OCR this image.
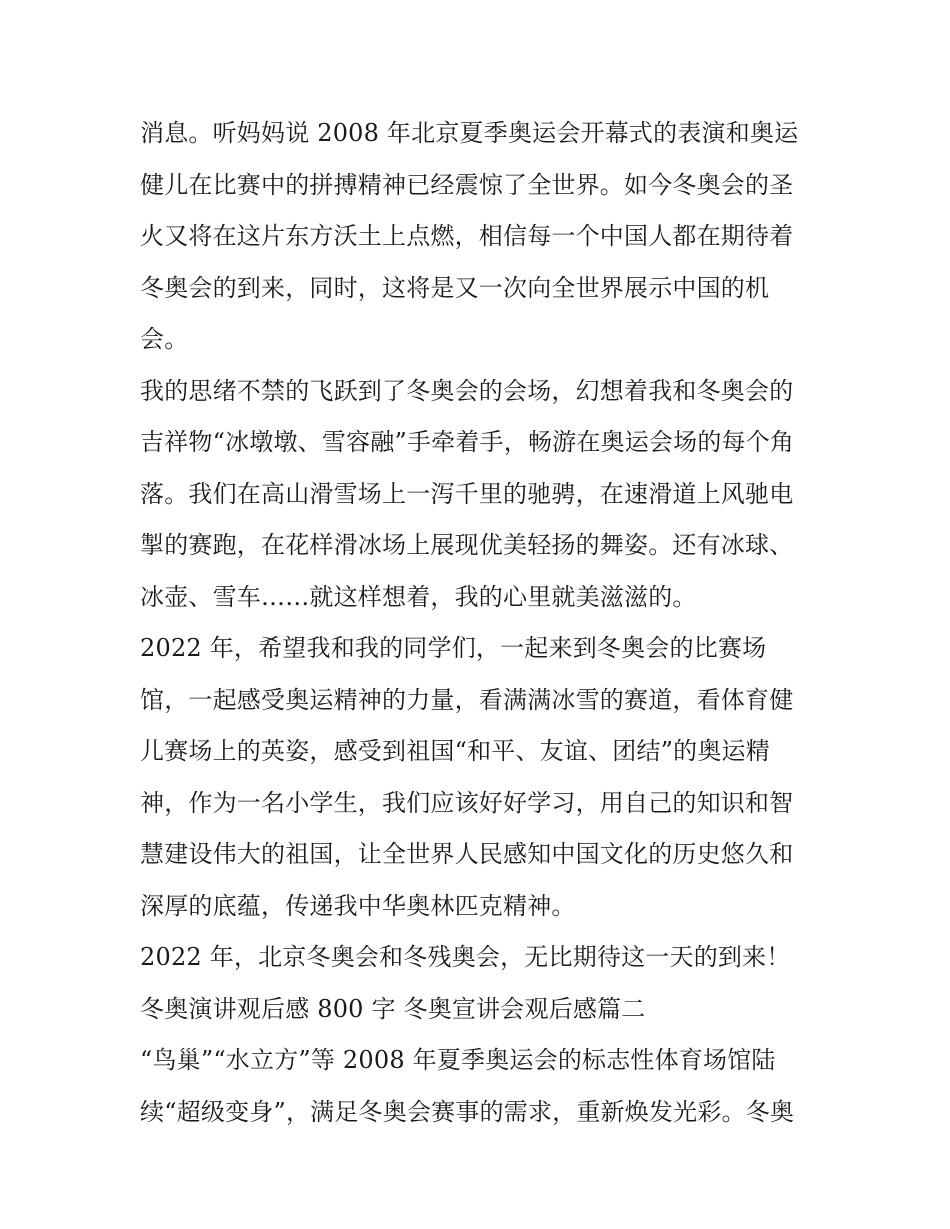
消息。听妈妈说 2008 年北京夏季奥运会开幕式的表演和奥运
健儿在比赛中的拼搏精神已经震惊了全世界。如今冬奥会的圣
火又将在这片东方沃土上点燃，相信每一个中国人都在期待着
冬奥会的到来，同时，这将是又一次向全世界展示中国的机
会。
我的思绪不禁的飞跃到了冬奥会的会场，幻想着我和冬奥会的
吉祥物“冰墩墩、雪容融”手牵着手，畅游在奥运会场的每个角
落。我们在高山滑雪场上一泻千里的驰骋，在速滑道上风驰电
掣的赛跑，在花样滑冰场上展现优美轻扬的舞姿。还有冰球、
冰壶、雪车……就这样想着，我的心里就美滋滋的。
2022 年，希望我和我的同学们，一起来到冬奥会的比赛场
馆，一起感受奥运精神的力量，看满满冰雪的赛道，看体育健
儿赛场上的英姿，感受到祖国“和平、友谊、团结”的奥运精
神，作为一名小学生，我们应该好好学习，用自己的知识和智
慧建设伟大的祖国，让全世界人民感知中国文化的历史悠久和
深厚的底蕴，传递我中华奥林匹克精神。
2022 年，北京冬奥会和冬残奥会，无比期待这一天的到来！
冬奥演讲观后感 800 字 冬奥宣讲会观后感篇二
“鸟巢”“水立方”等 2008 年夏季奥运会的标志性体育场馆陆
续“超级变身”，满足冬奥会赛事的需求，重新焕发光彩。冬奥
